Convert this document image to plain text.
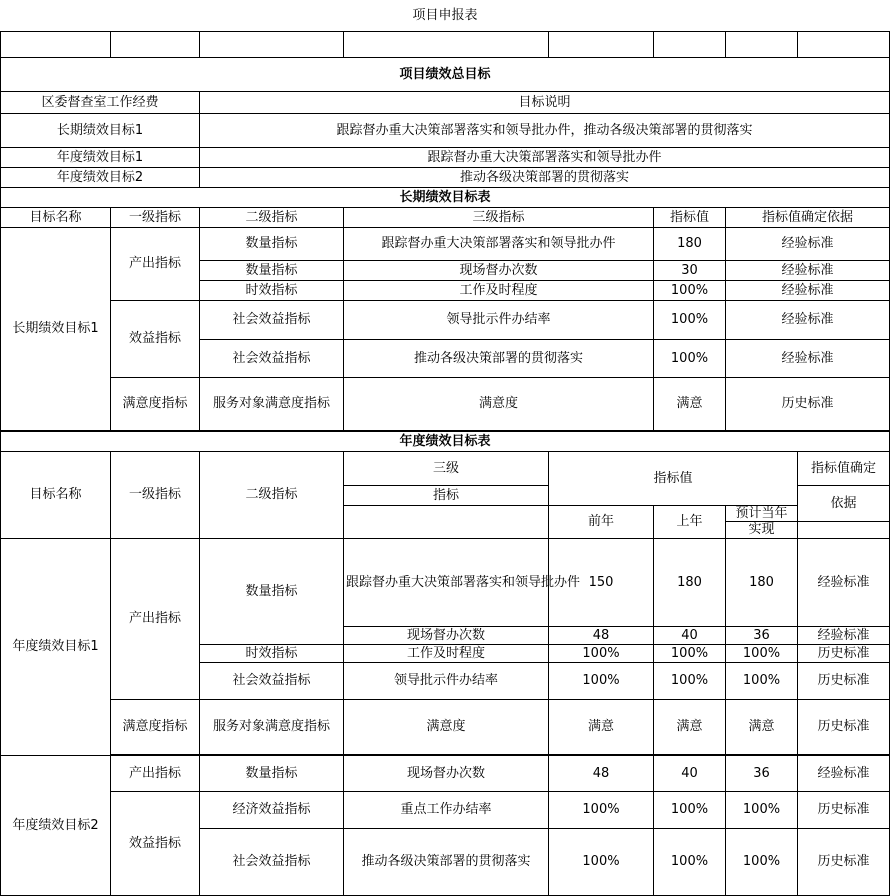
项目申报表							

项目绩效总目标							
区委督查室工作经费		目标说明					
长期绩效目标1		跟踪督办重大决策部署落实和领导批办件，推动各级决策部署的贯彻落实					
年度绩效目标1		跟踪督办重大决策部署落实和领导批办件					
年度绩效目标2		推动各级决策部署的贯彻落实					
长期绩效目标表							
目标名称	一级指标	二级指标	三级指标		指标值	指标值确定依据	
长期绩效目标1	产出指标	数量指标	跟踪督办重大决策部署落实和领导批办件		180	经验标准	
		数量指标	现场督办次数		30	经验标准	
		时效指标	工作及时程度		100%	经验标准	
	效益指标	社会效益指标	领导批示件办结率		100%	经验标准	
		社会效益指标	推动各级决策部署的贯彻落实		100%	经验标准	
	满意度指标	服务对象满意度指标	满意度		满意	历史标准	
年度绩效目标表							
目标名称	一级指标	二级指标	三级	指标值			指标值确定
			指标				依据
				前年	上年	预计当年	
						实现	
年度绩效目标1	产出指标	数量指标	跟踪督办重大决策部署落实和领导批办件	150	180	180	经验标准
			现场督办次数	48	40	36	经验标准
		时效指标	工作及时程度	100%	100%	100%	历史标准
		社会效益指标	领导批示件办结率	100%	100%	100%	历史标准
	满意度指标	服务对象满意度指标	满意度	满意	满意	满意	历史标准

年度绩效目标2	产出指标	数量指标	现场督办次数	48	40	36	经验标准
	效益指标	经济效益指标	重点工作办结率	100%	100%	100%	历史标准
		社会效益指标	推动各级决策部署的贯彻落实	100%	100%	100%	历史标准
